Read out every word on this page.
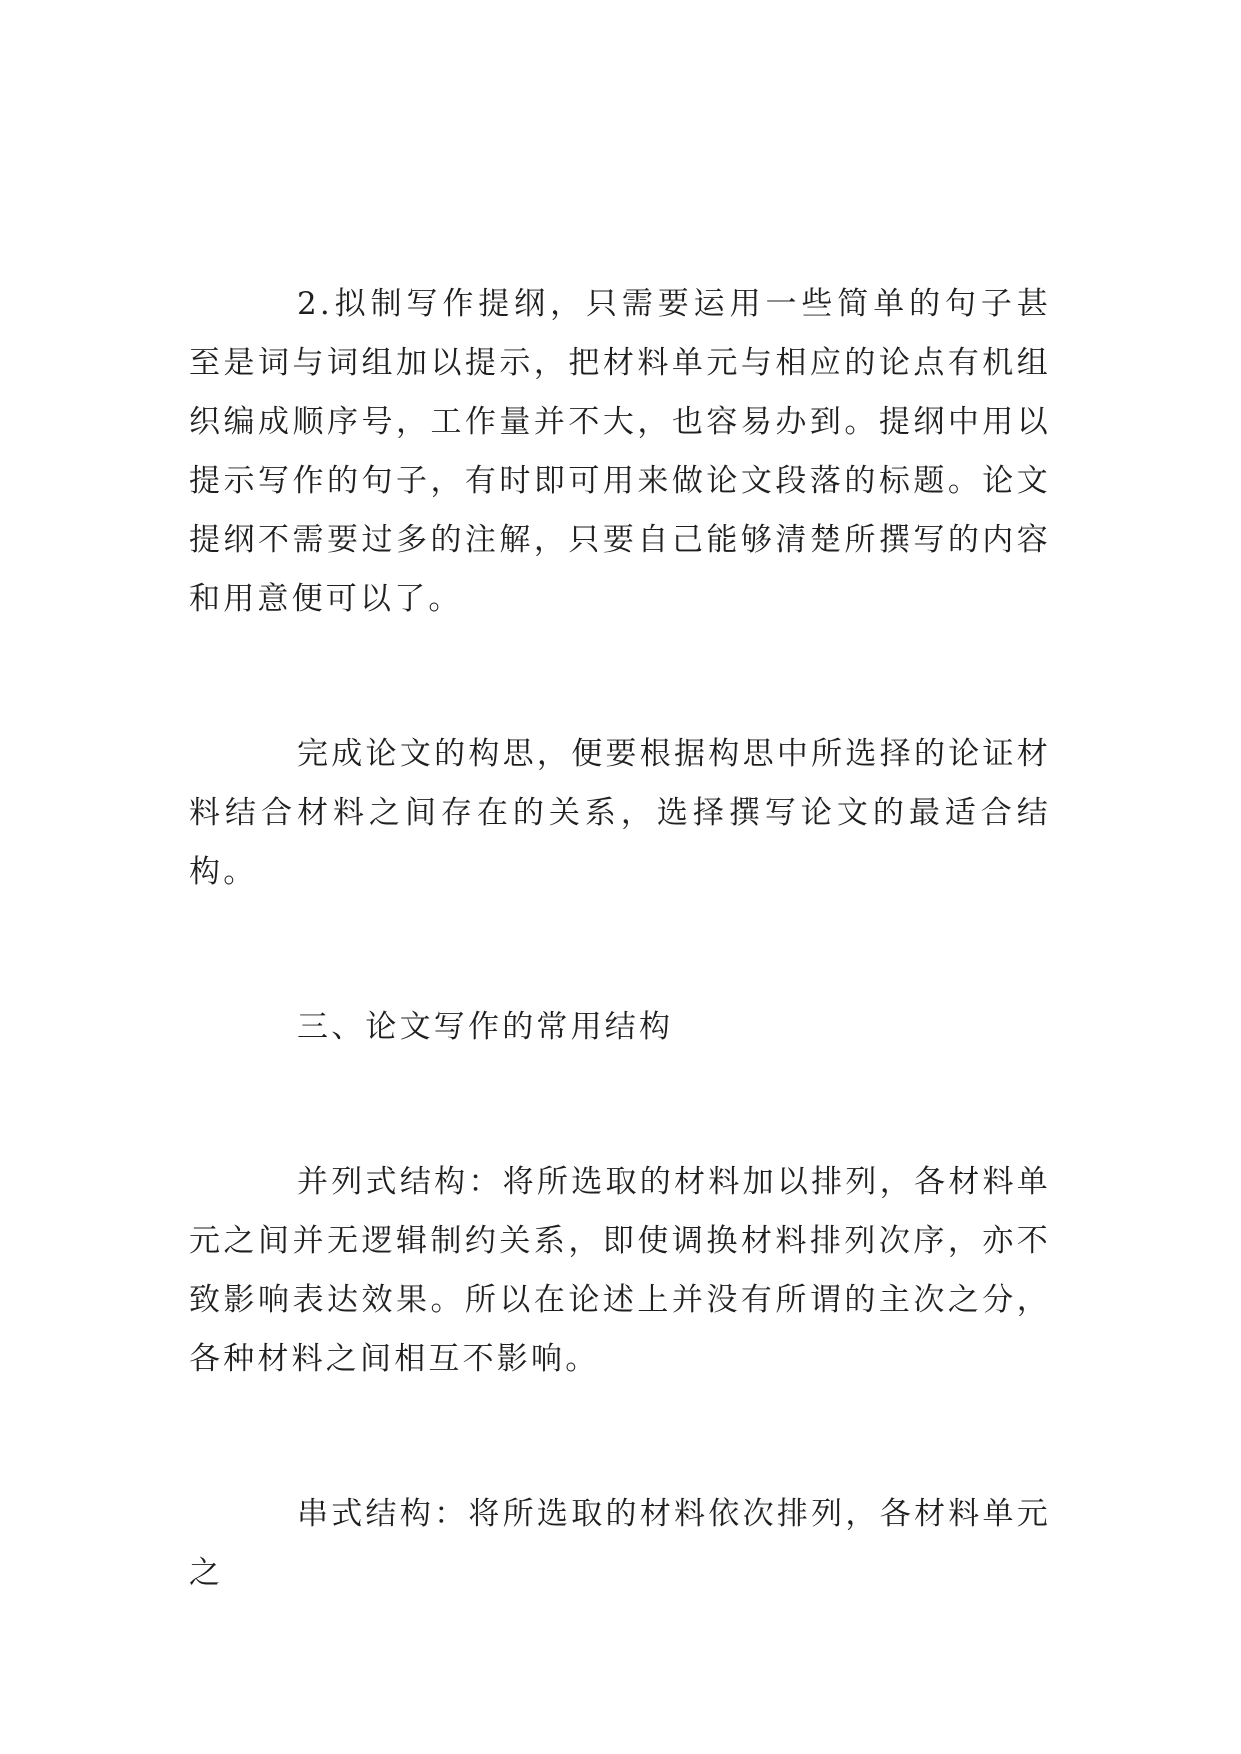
2.拟制写作提纲，只需要运用一些简单的句子甚至是词与词组加以提示，把材料单元与相应的论点有机组织编成顺序号，工作量并不大，也容易办到。提纲中用以提示写作的句子，有时即可用来做论文段落的标题。论文提纲不需要过多的注解，只要自己能够清楚所撰写的内容和用意便可以了。

完成论文的构思，便要根据构思中所选择的论证材料结合材料之间存在的关系，选择撰写论文的最适合结构。

三、论文写作的常用结构

并列式结构：将所选取的材料加以排列，各材料单元之间并无逻辑制约关系，即使调换材料排列次序，亦不致影响表达效果。所以在论述上并没有所谓的主次之分，各种材料之间相互不影响。

串式结构：将所选取的材料依次排列，各材料单元之
